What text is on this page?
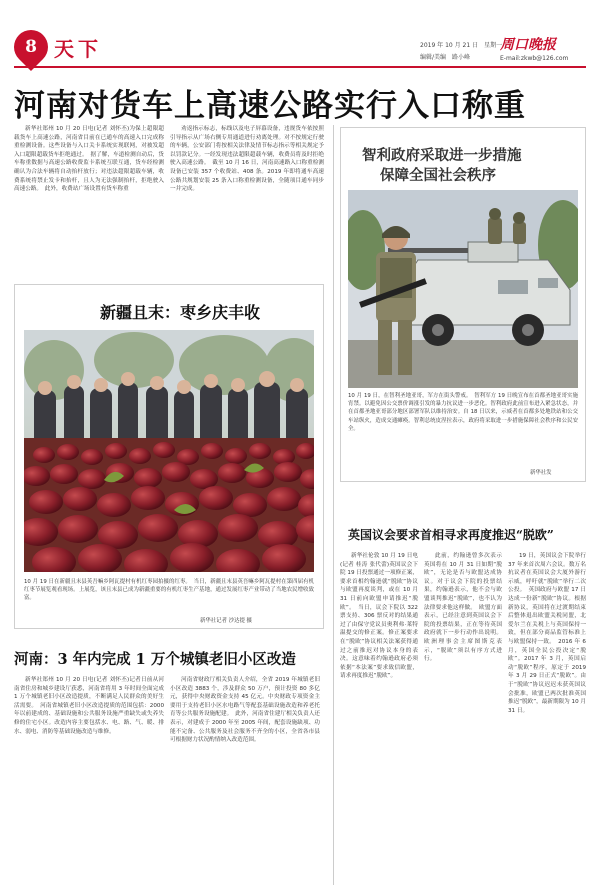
8 天下	2019 年 10 月 21 日　星期一
编辑/美编　路小峰
周口晚报
E-mail:zkwb@126.com
河南对货车上高速公路实行入口称重

新华社郑州 10 月 20 日电(记者 刘怀丕)为保上超限超载货车上高速公路，河南省目前在已通车的高速入口完成称重检测设备。这些设备与入口关卡系统实现联网，对被发超入口超限超载货车拒绝通过。　据了解，车道检测自动后，货车称重数据与高速公路收费监卡系统互联互通，货车经检测确认为合法车辆将自动抬杆放行；对违法超限超载车辆，收费系统将禁止发卡和抬杆，且人为无法强制抬杆，拒绝驶入高速公路。　此外，收费站广场设置有货车称重

劝返指示标志，标线以及电子屏幕设备，违规货车依按照引导指示从广场右侧专用通道进行劝离处理。对不按规定行驶的车辆，公安部门将按相关法律及情节标志指示等相关规定予以罚款记分。一经发现违法超限超载车辆，收费员将及时拒绝驶入高速公路。　截至 10 月 16 日，河南高速路入口称重检测设备已安装 357 个收费站、408 条。2019 年即将通车高速公路共规划安装 25 条入口称重检测设备，全随项目通车同步一并完成。

新疆且末：枣乡庆丰收
10 月 19 日在新疆且末县英吾嘛乡阿瓦提村有机红枣园拍摄的红枣。　当日，新疆且末县英吾嘛乡阿瓦提村在第四届有机红枣节展览观看现场。上展览，该且末县已成为新疆重要的有机红枣生产基地，通过发展红枣产业带动了当地农民增收致富。
新华社记者 沙达提 摄
河南：3 年内完成 1 万个城镇老旧小区改造

新华社郑州 10 月 20 日电(记者 刘怀丕)记者日前从河南省住房和城乡建设厅获悉，河南省将用 3 年时间全面完成 1 万个城镇老旧小区改造提质，不断满足人民群众的美好生活需要。　河南省城镇老旧小区改造提质的范围包括：2000 年以前建成的、基础设施和公共服务设施严重缺失或失养失修的住宅小区。改造内容主要包括水、电、路、气、暖、排水、弱电、消防等基础设施改造与维修。

河南省财政厅相关负责人介绍，全省 2019 年城镇老旧小区改造 3883 个，涉及群众 50 万户，预计投资 80 多亿元，获得中央财政资金支持 45 亿元。中央财政专项资金主要用于支持老旧小区水电路气等配套基础设施改造和养老托育等公共服务设施配建。　此外，河南省住建厅相关负责人还表示，对建成于 2000 年至 2005 年间，配套设施缺项、功能不完备、公共服务及社会服务不齐全的小区，全省各市县可根据财力状况酌情纳入改造范围。

智利政府采取进一步措施
保障全国社会秩序
10 月 19 日，在智利圣地亚哥，军方在街头警戒。　智利军方 19 日晚宣布在首都圣地亚哥实施宵禁。以避免因公交票价调涨引发的暴力抗议进一步恶化。智利政府此前宣布进入紧急状态，并在首都圣地亚哥部分地区部署军队以维持治安。自 18 日以来，示威者在首都多处地铁站和公交车站纵火，造成交通瘫痪。智利总统皮涅拉表示，政府将采取进一步措施保障社会秩序和公民安全。
新华社发
英国议会要求首相寻求再度推迟“脱欧”

新华社伦敦 10 月 19 日电(记者 桂涛 张代蕾)英国议会下院 19 日投票通过一项修正案，要求首相约翰逊就“脱欧”协议与欧盟再度谈判，或在 10 月 31 日前向欧盟申请推迟“脱欧”。　当日，议会下院以 322 票支持、306 票反对的结果通过了由保守党议员奥利弗·莱特温提交的修正案。修正案要求在“脱欧”协议相关法案获得通过之前推迟对协议本身的表决。这意味着约翰逊政府必须依据“本法案”要求致信欧盟，请求再度推迟“脱欧”。

此前，约翰逊曾多次表示英国将在 10 月 31 日如期“脱欧”，无论是否与欧盟达成协议。对于议会下院的投票结果，约翰逊表示，他不会与欧盟谈判推迟“脱欧”，也不认为法律要求他这样做。　欧盟方面表示，已经注意到英国议会下院的投票结果，正在等待英国政府就下一步行动作出说明。欧洲理事会主席图斯克表示，“脱欧”须以有序方式进行。

19 日，英国议会下院举行 37 年来首次周六会议。数万名抗议者在英国议会大厦外游行示威，呼吁就“脱欧”举行二次公投。　英国政府与欧盟 17 日达成一份新“脱欧”协议。根据新协议，英国将在过渡期结束后整体退出欧盟关税同盟，北爱尔兰在关税上与英国保持一致，但在部分商品监管标准上与欧盟保持一致。　2016 年 6 月，英国全民公投决定“脱欧”。2017 年 3 月，英国启动“脱欧”程序，原定于 2019 年 3 月 29 日正式“脱欧”。由于“脱欧”协议迟迟未获英国议会批准，欧盟已两次批准英国推迟“脱欧”，最新期限为 10 月 31 日。
